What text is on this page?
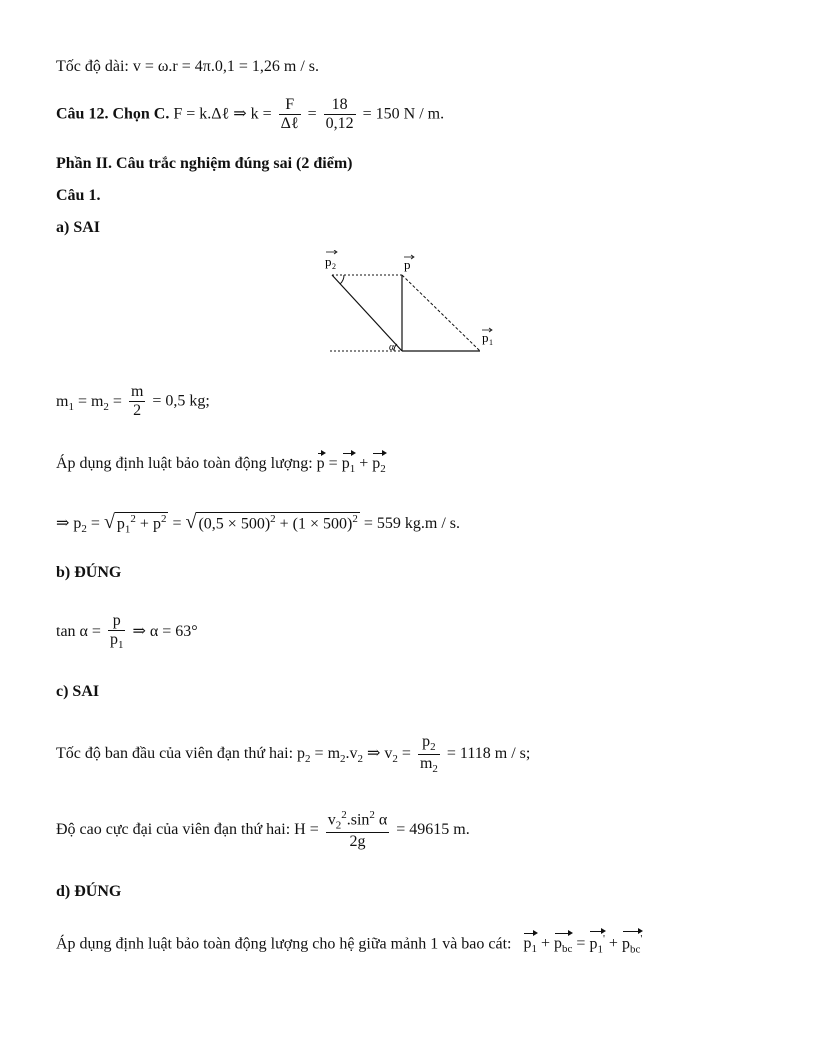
Tốc độ dài: v = ω.r = 4π.0,1 = 1,26 m / s.
Câu 12. Chọn C. F = k.Δℓ ⇒ $k = \frac{F}{\text{Δℓ}} = \frac{18}{0,12} = 150$ N / m.
Phần II. Câu trắc nghiệm đúng sai (2 điểm)
Câu 1.
a) SAI
α
p 2	p
p 1
$m_1 = m_2 = \frac{m}{2} = 0,5$ kg;
Áp dụng định luật bảo toàn động lượng: $p = p_1 + p_2$
⇒ $p_2$ = √ $p_1^2 + p^2$ = √ $(0,5 \times 500)^2 + (1 \times 500)^2 = 559$ kg.m / s.
b) ĐÚNG
$\tan \alpha = \frac{p}{p_1}$ ⇒ α = 63°
c) SAI
Tốc độ ban đầu của viên đạn thứ hai: $p_2 = m_2.v_2$ ⇒ $v_2 = \frac{p_2}{m_2} = 1118$ m / s;
Độ cao cực đại của viên đạn thứ hai: $H = \frac{v_2^2.\sin^2 \alpha}{2g} = 49615$ m.
d) ĐÚNG
Áp dụng định luật bảo toàn động lượng cho hệ giữa mảnh 1 và bao cát: $p_1 + p_{bc} = p_1' + p_{bc}'$
